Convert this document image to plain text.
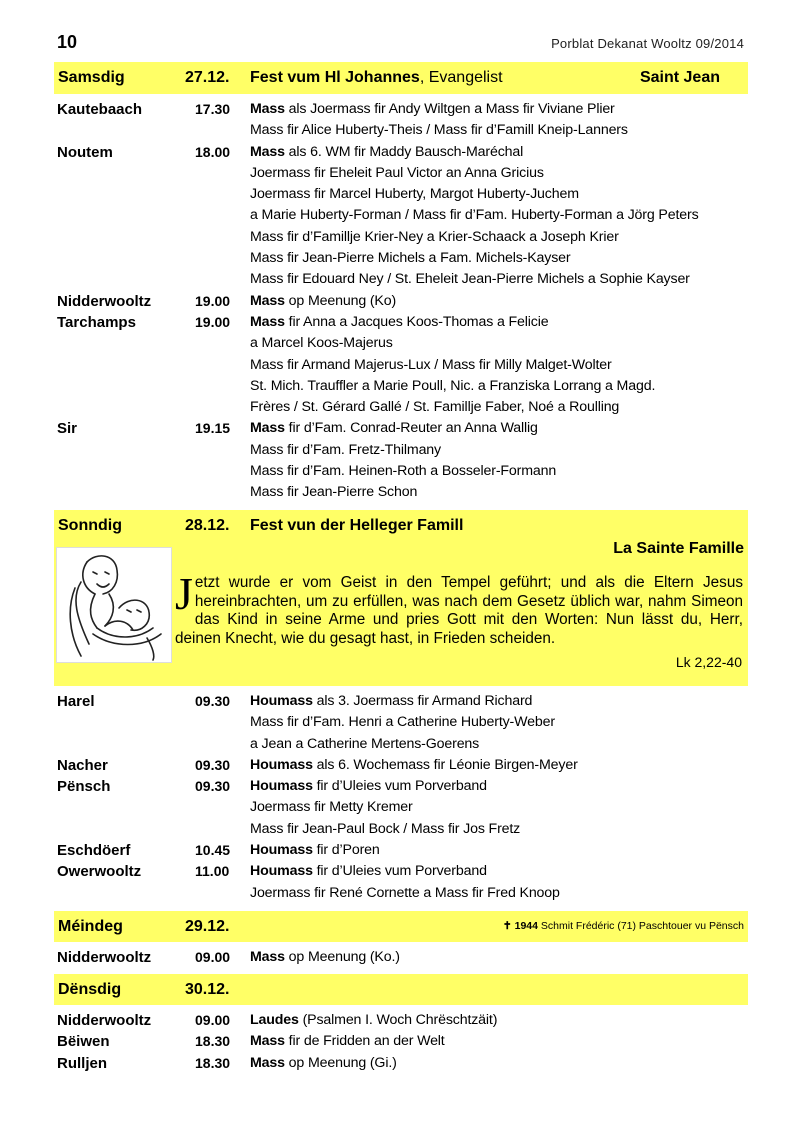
10	Porblat Dekanat Wooltz 09/2014
Samsdig	27.12. Fest vum Hl Johannes, Evangelist	Saint Jean
Kautebaach	17.30 Mass als Joermass fir Andy Wiltgen a Mass fir Viviane Plier
Mass fir Alice Huberty-Theis / Mass fir d’Famill Kneip-Lanners
Noutem	18.00 Mass als 6. WM fir Maddy Bausch-Maréchal
Joermass fir Eheleit Paul Victor an Anna Gricius
Joermass fir Marcel Huberty, Margot Huberty-Juchem
a Marie Huberty-Forman / Mass fir d’Fam. Huberty-Forman a Jörg Peters
Mass fir d’Famillje Krier-Ney a Krier-Schaack a Joseph Krier
Mass fir Jean-Pierre Michels a Fam. Michels-Kayser
Mass fir Edouard Ney / St. Eheleit Jean-Pierre Michels a Sophie Kayser
Nidderwooltz	19.00 Mass op Meenung (Ko)
Tarchamps	19.00 Mass fir Anna a Jacques Koos-Thomas a Felicie
a Marcel Koos-Majerus
Mass fir Armand Majerus-Lux / Mass fir Milly Malget-Wolter
St. Mich. Trauffler a Marie Poull, Nic. a Franziska Lorrang a Magd.
Frères / St. Gérard Gallé / St. Famillje Faber, Noé a Roulling
Sir	19.15 Mass fir d’Fam. Conrad-Reuter an Anna Wallig
Mass fir d’Fam. Fretz-Thilmany
Mass fir d’Fam. Heinen-Roth a Bosseler-Formann
Mass fir Jean-Pierre Schon
Sonndig	28.12. Fest vun der Helleger Famill
La Sainte Famille
Jetzt wurde er vom Geist in den Tempel geführt; und als die Eltern Jesus hereinbrachten, um zu erfüllen, was nach dem Gesetz üblich war, nahm Simeon das Kind in seine Arme und pries Gott mit den Worten: Nun lässt du, Herr, deinen Knecht, wie du gesagt hast, in Frieden scheiden.
Lk 2,22-40
Harel	09.30 Houmass als 3. Joermass fir Armand Richard
Mass fir d’Fam. Henri a Catherine Huberty-Weber
a Jean a Catherine Mertens-Goerens
Nacher	09.30 Houmass als 6. Wochemass fir Léonie Birgen-Meyer
Pënsch	09.30 Houmass fir d’Uleies vum Porverband
Joermass fir Metty Kremer
Mass fir Jean-Paul Bock / Mass fir Jos Fretz
Eschdöerf	10.45 Houmass fir d’Poren
Owerwooltz	11.00 Houmass fir d’Uleies vum Porverband
Joermass fir René Cornette a Mass fir Fred Knoop
Méindeg	29.12.	✝ 1944 Schmit Frédéric (71) Paschtouer vu Pënsch
Nidderwooltz	09.00 Mass op Meenung (Ko.)
Dënsdig	30.12.
Nidderwooltz	09.00 Laudes (Psalmen I. Woch Chrëschtzäit)
Bëiwen	18.30 Mass fir de Fridden an der Welt
Rulljen	18.30 Mass op Meenung (Gi.)
